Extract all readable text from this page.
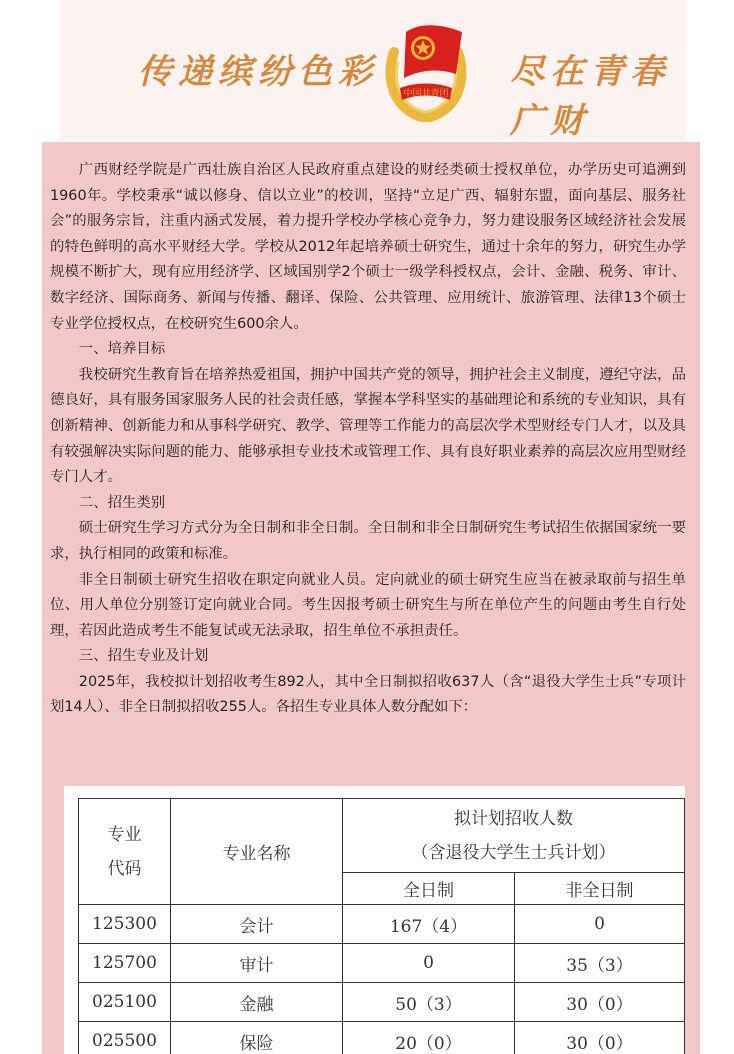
传递缤纷色彩
中国共青团
尽在青春广财

广西财经学院是广西壮族自治区人民政府重点建设的财经类硕士授权单位，办学历史可追溯到1960年。学校秉承“诚以修身、信以立业”的校训，坚持“立足广西、辐射东盟，面向基层、服务社会”的服务宗旨，注重内涵式发展，着力提升学校办学核心竞争力，努力建设服务区域经济社会发展的特色鲜明的高水平财经大学。学校从2012年起培养硕士研究生，通过十余年的努力，研究生办学规模不断扩大，现有应用经济学、区域国别学2个硕士一级学科授权点，会计、金融、税务、审计、数字经济、国际商务、新闻与传播、翻译、保险、公共管理、应用统计、旅游管理、法律13个硕士专业学位授权点，在校研究生600余人。

一、培养目标

我校研究生教育旨在培养热爱祖国，拥护中国共产党的领导，拥护社会主义制度，遵纪守法，品德良好，具有服务国家服务人民的社会责任感，掌握本学科坚实的基础理论和系统的专业知识，具有创新精神、创新能力和从事科学研究、教学、管理等工作能力的高层次学术型财经专门人才，以及具有较强解决实际问题的能力、能够承担专业技术或管理工作、具有良好职业素养的高层次应用型财经专门人才。

二、招生类别

硕士研究生学习方式分为全日制和非全日制。全日制和非全日制研究生考试招生依据国家统一要求，执行相同的政策和标准。

非全日制硕士研究生招收在职定向就业人员。定向就业的硕士研究生应当在被录取前与招生单位、用人单位分别签订定向就业合同。考生因报考硕士研究生与所在单位产生的问题由考生自行处理，若因此造成考生不能复试或无法录取，招生单位不承担责任。

三、招生专业及计划

2025年，我校拟计划招收考生892人，其中全日制拟招收637人（含“退役大学生士兵”专项计划14人）、非全日制拟招收255人。各招生专业具体人数分配如下：

专业
代码	专业名称	拟计划招收人数
（含退役大学生士兵计划）	

		全日制	非全日制
125300	会计	167（4）	0
125700	审计	0	35（3）
025100	金融	50（3）	30（0）
025500	保险	20（0）	30（0）
